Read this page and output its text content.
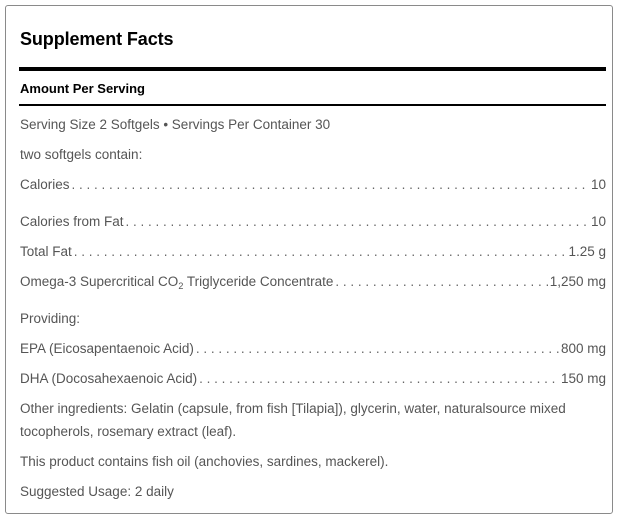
Supplement Facts
Amount Per Serving
Serving Size 2 Softgels • Servings Per Container 30
two softgels contain:
Calories . . .	10
Calories from Fat . . .	10
Total Fat . . .	1.25 g
Omega-3 Supercritical $CO_2$ Triglyceride Concentrate . . .	1,250 mg
Providing:
EPA (Eicosapentaenoic Acid) . . .	800 mg
DHA (Docosahexaenoic Acid) . . .	150 mg
Other ingredients: Gelatin (capsule, from fish [Tilapia]), glycerin, water, naturalsource mixed tocopherols, rosemary extract (leaf).
This product contains fish oil (anchovies, sardines, mackerel).
Suggested Usage: 2 daily
